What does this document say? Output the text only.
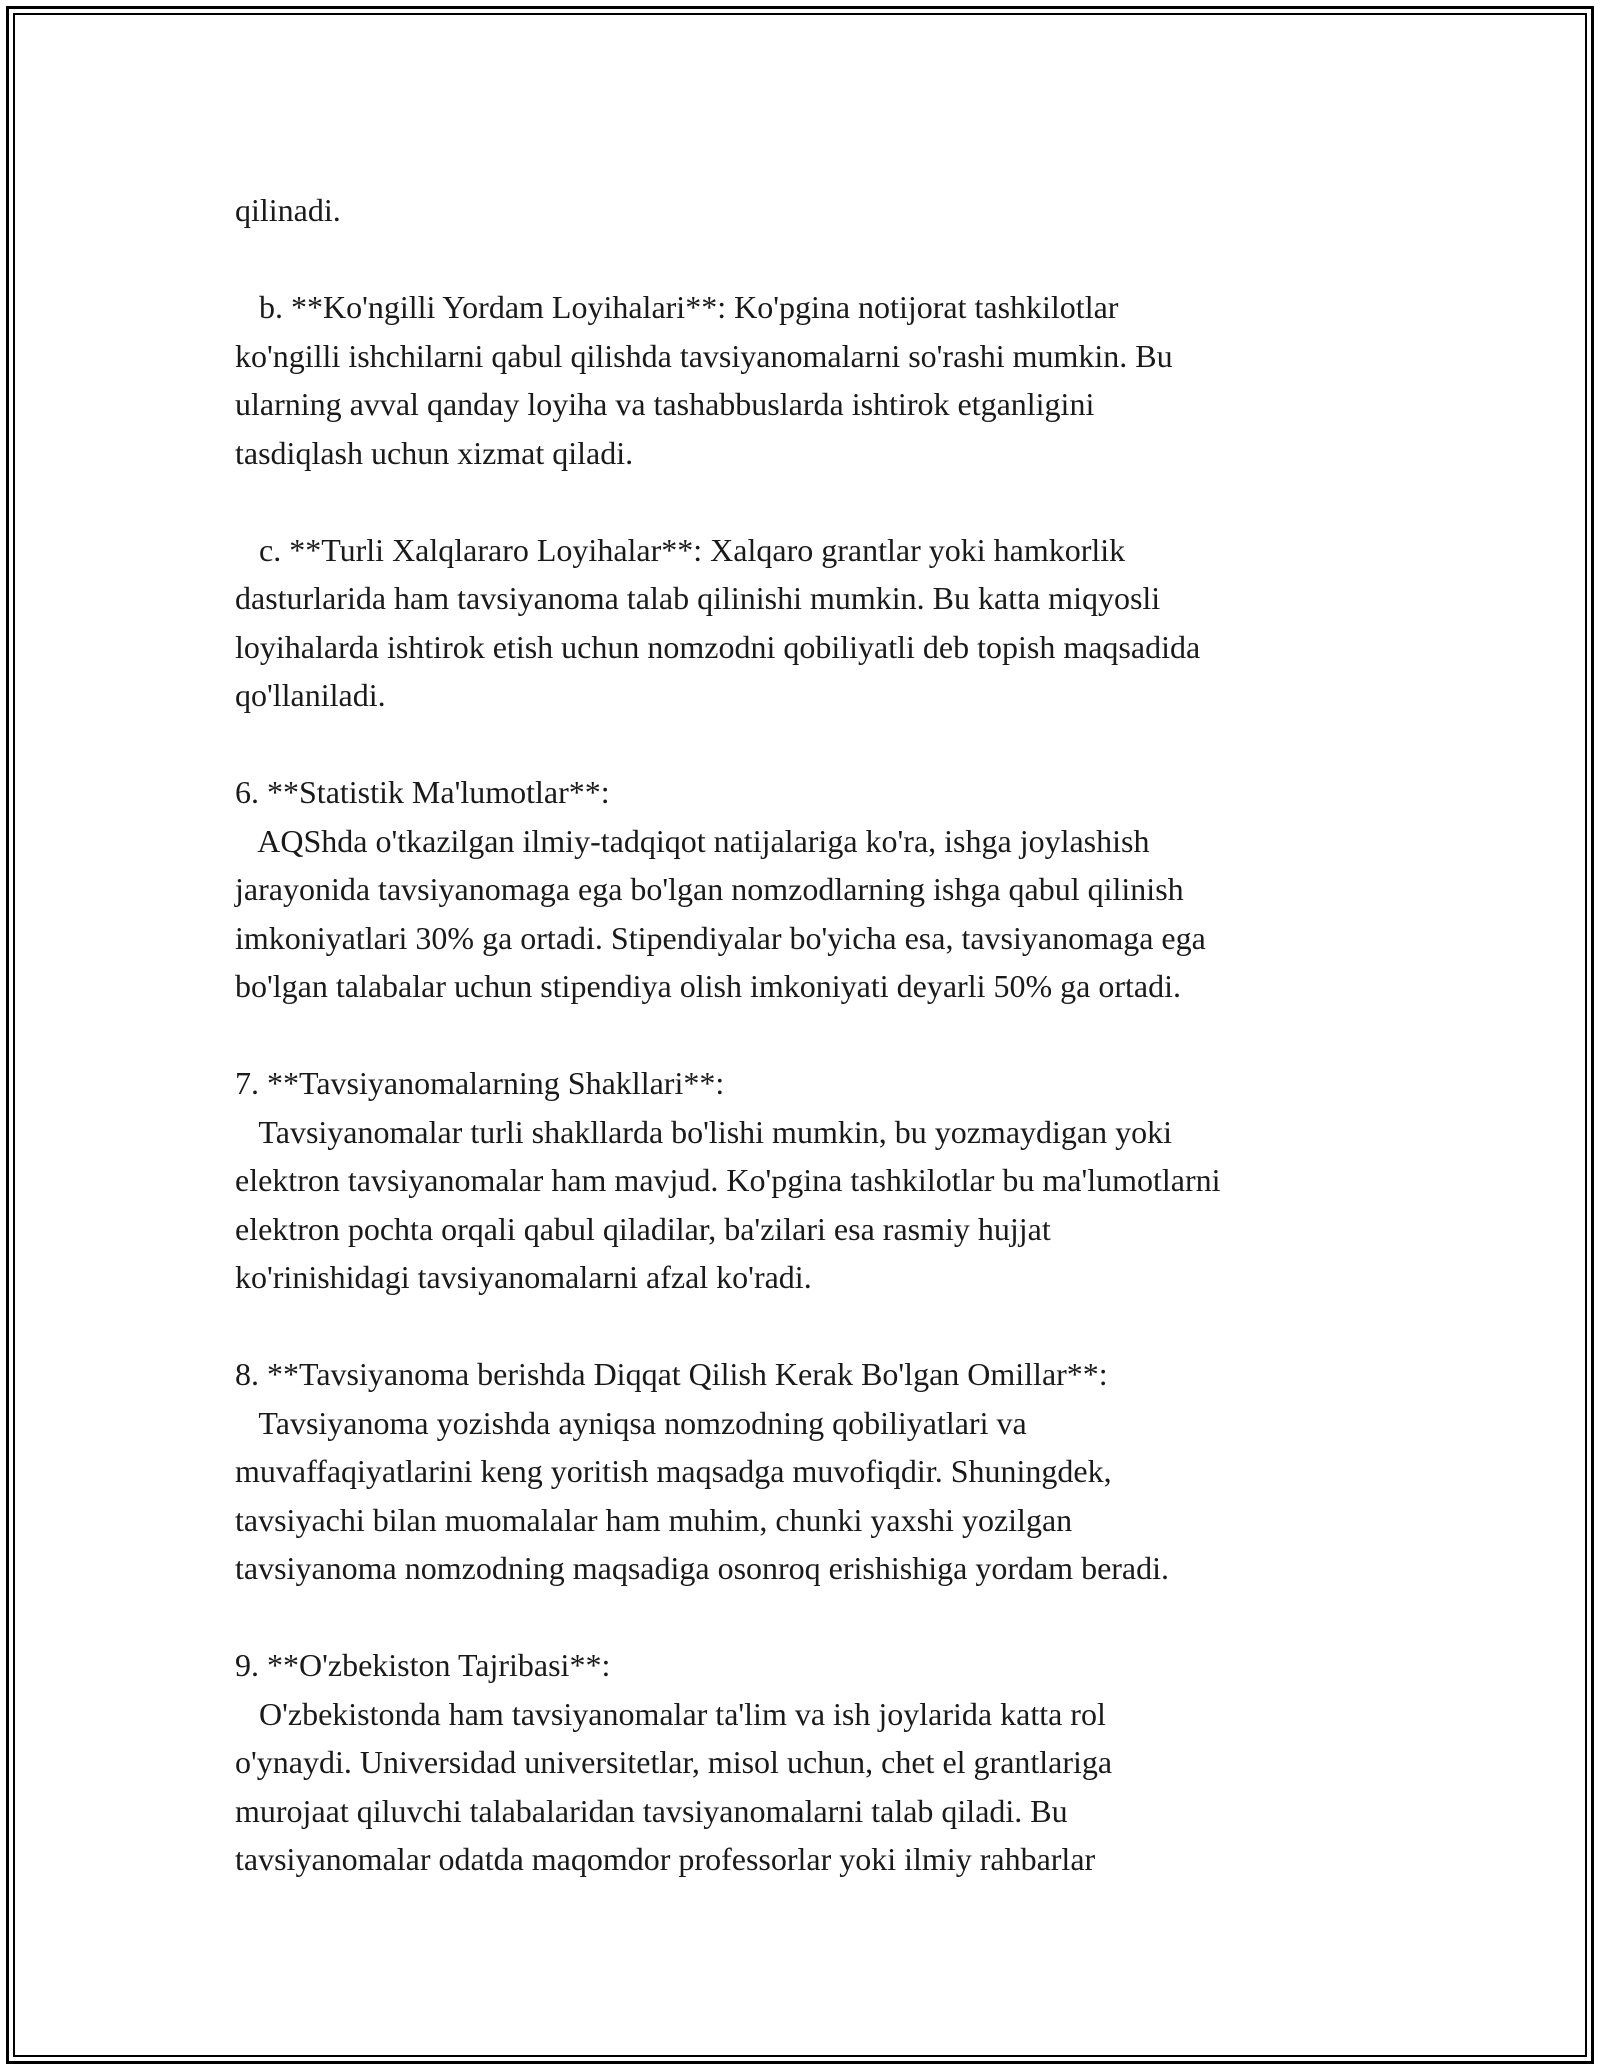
qilinadi.
b. **Ko'ngilli Yordam Loyihalari**: Ko'pgina notijorat tashkilotlar
ko'ngilli ishchilarni qabul qilishda tavsiyanomalarni so'rashi mumkin. Bu
ularning avval qanday loyiha va tashabbuslarda ishtirok etganligini
tasdiqlash uchun xizmat qiladi.
c. **Turli Xalqlararo Loyihalar**: Xalqaro grantlar yoki hamkorlik
dasturlarida ham tavsiyanoma talab qilinishi mumkin. Bu katta miqyosli
loyihalarda ishtirok etish uchun nomzodni qobiliyatli deb topish maqsadida
qo'llaniladi.
6. **Statistik Ma'lumotlar**:
AQShda o'tkazilgan ilmiy-tadqiqot natijalariga ko'ra, ishga joylashish
jarayonida tavsiyanomaga ega bo'lgan nomzodlarning ishga qabul qilinish
imkoniyatlari 30% ga ortadi. Stipendiyalar bo'yicha esa, tavsiyanomaga ega
bo'lgan talabalar uchun stipendiya olish imkoniyati deyarli 50% ga ortadi.
7. **Tavsiyanomalarning Shakllari**:
Tavsiyanomalar turli shakllarda bo'lishi mumkin, bu yozmaydigan yoki
elektron tavsiyanomalar ham mavjud. Ko'pgina tashkilotlar bu ma'lumotlarni
elektron pochta orqali qabul qiladilar, ba'zilari esa rasmiy hujjat
ko'rinishidagi tavsiyanomalarni afzal ko'radi.
8. **Tavsiyanoma berishda Diqqat Qilish Kerak Bo'lgan Omillar**:
Tavsiyanoma yozishda ayniqsa nomzodning qobiliyatlari va
muvaffaqiyatlarini keng yoritish maqsadga muvofiqdir. Shuningdek,
tavsiyachi bilan muomalalar ham muhim, chunki yaxshi yozilgan
tavsiyanoma nomzodning maqsadiga osonroq erishishiga yordam beradi.
9. **O'zbekiston Tajribasi**:
O'zbekistonda ham tavsiyanomalar ta'lim va ish joylarida katta rol
o'ynaydi. Universidad universitetlar, misol uchun, chet el grantlariga
murojaat qiluvchi talabalaridan tavsiyanomalarni talab qiladi. Bu
tavsiyanomalar odatda maqomdor professorlar yoki ilmiy rahbarlar
